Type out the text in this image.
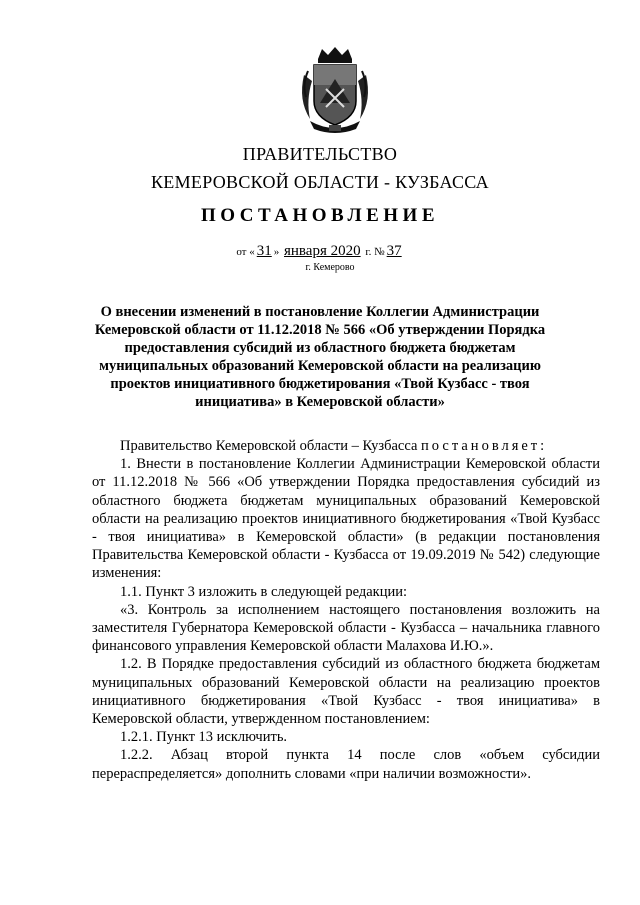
ПРАВИТЕЛЬСТВО
КЕМЕРОВСКОЙ ОБЛАСТИ - КУЗБАССА
ПОСТАНОВЛЕНИЕ
от « 31 » января 2020 г. № 37
г. Кемерово
О внесении изменений в постановление Коллегии Администрации Кемеровской области от 11.12.2018 № 566 «Об утверждении Порядка предоставления субсидий из областного бюджета бюджетам муниципальных образований Кемеровской области на реализацию проектов инициативного бюджетирования «Твой Кузбасс - твоя инициатива» в Кемеровской области»

Правительство Кемеровской области – Кузбасса постановляет:

1. Внести в постановление Коллегии Администрации Кемеровской области от 11.12.2018 № 566 «Об утверждении Порядка предоставления субсидий из областного бюджета бюджетам муниципальных образований Кемеровской области на реализацию проектов инициативного бюджетирования «Твой Кузбасс - твоя инициатива» в Кемеровской области» (в редакции постановления Правительства Кемеровской области - Кузбасса от 19.09.2019 № 542) следующие изменения:

1.1. Пункт 3 изложить в следующей редакции:

«3. Контроль за исполнением настоящего постановления возложить на заместителя Губернатора Кемеровской области - Кузбасса – начальника главного финансового управления Кемеровской области Малахова И.Ю.».

1.2. В Порядке предоставления субсидий из областного бюджета бюджетам муниципальных образований Кемеровской области на реализацию проектов инициативного бюджетирования «Твой Кузбасс - твоя инициатива» в Кемеровской области, утвержденном постановлением:

1.2.1. Пункт 13 исключить.

1.2.2. Абзац второй пункта 14 после слов «объем субсидии перераспределяется» дополнить словами «при наличии возможности».
